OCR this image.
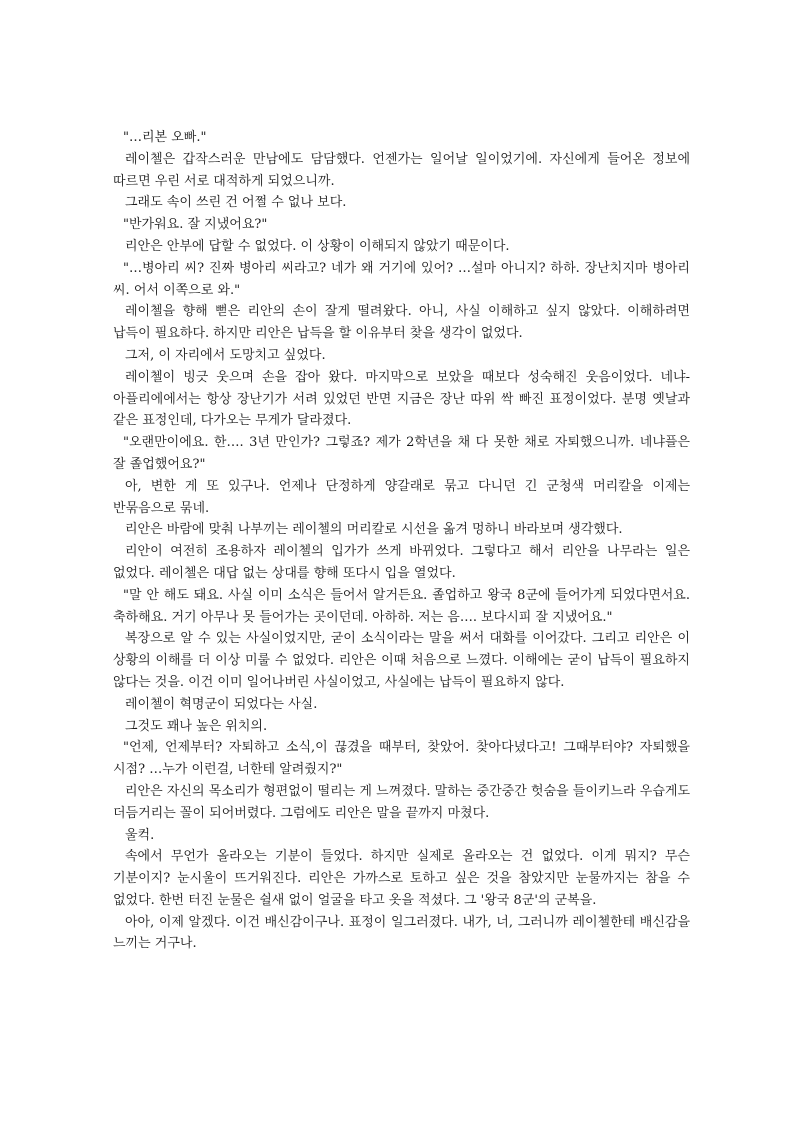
"…리본 오빠."

레이첼은 갑작스러운 만남에도 담담했다. 언젠가는 일어날 일이었기에. 자신에게 들어온 정보에 따르면 우린 서로 대적하게 되었으니까.

그래도 속이 쓰린 건 어쩔 수 없나 보다.

"반가워요. 잘 지냈어요?"

리안은 안부에 답할 수 없었다. 이 상황이 이해되지 않았기 때문이다.

"…병아리 씨? 진짜 병아리 씨라고? 네가 왜 거기에 있어? …설마 아니지? 하하. 장난치지마 병아리 씨. 어서 이쪽으로 와."

레이첼을 향해 뻗은 리안의 손이 잘게 떨려왔다. 아니, 사실 이해하고 싶지 않았다. 이해하려면 납득이 필요하다. 하지만 리안은 납득을 할 이유부터 찾을 생각이 없었다.

그저, 이 자리에서 도망치고 싶었다.

레이첼이 빙긋 웃으며 손을 잡아 왔다. 마지막으로 보았을 때보다 성숙해진 웃음이었다. 네냐-아플리에에서는 항상 장난기가 서려 있었던 반면 지금은 장난 따위 싹 빠진 표정이었다. 분명 옛날과 같은 표정인데, 다가오는 무게가 달라졌다.

"오랜만이에요. 한…. 3년 만인가? 그렇죠? 제가 2학년을 채 다 못한 채로 자퇴했으니까. 네냐플은 잘 졸업했어요?"

아, 변한 게 또 있구나. 언제나 단정하게 양갈래로 묶고 다니던 긴 군청색 머리칼을 이제는 반묶음으로 묶네.

리안은 바람에 맞춰 나부끼는 레이첼의 머리칼로 시선을 옮겨 멍하니 바라보며 생각했다.

리안이 여전히 조용하자 레이첼의 입가가 쓰게 바뀌었다. 그렇다고 해서 리안을 나무라는 일은 없었다. 레이첼은 대답 없는 상대를 향해 또다시 입을 열었다.

"말 안 해도 돼요. 사실 이미 소식은 들어서 알거든요. 졸업하고 왕국 8군에 들어가게 되었다면서요. 축하해요. 거기 아무나 못 들어가는 곳이던데. 아하하. 저는 음…. 보다시피 잘 지냈어요."

복장으로 알 수 있는 사실이었지만, 굳이 소식이라는 말을 써서 대화를 이어갔다. 그리고 리안은 이 상황의 이해를 더 이상 미룰 수 없었다. 리안은 이때 처음으로 느꼈다. 이해에는 굳이 납득이 필요하지 않다는 것을. 이건 이미 일어나버린 사실이었고, 사실에는 납득이 필요하지 않다.

레이첼이 혁명군이 되었다는 사실.

그것도 꽤나 높은 위치의.

"언제, 언제부터? 자퇴하고 소식,이 끊겼을 때부터, 찾았어. 찾아다녔다고! 그때부터야? 자퇴했을 시점? …누가 이런걸, 너한테 알려줬지?"

리안은 자신의 목소리가 형편없이 떨리는 게 느껴졌다. 말하는 중간중간 헛숨을 들이키느라 우습게도 더듬거리는 꼴이 되어버렸다. 그럼에도 리안은 말을 끝까지 마쳤다.

울컥.

속에서 무언가 올라오는 기분이 들었다. 하지만 실제로 올라오는 건 없었다. 이게 뭐지? 무슨 기분이지? 눈시울이 뜨거워진다. 리안은 가까스로 토하고 싶은 것을 참았지만 눈물까지는 참을 수 없었다. 한번 터진 눈물은 쉴새 없이 얼굴을 타고 옷을 적셨다. 그 '왕국 8군'의 군복을.

아아, 이제 알겠다. 이건 배신감이구나. 표정이 일그러졌다. 내가, 너, 그러니까 레이첼한테 배신감을 느끼는 거구나.
